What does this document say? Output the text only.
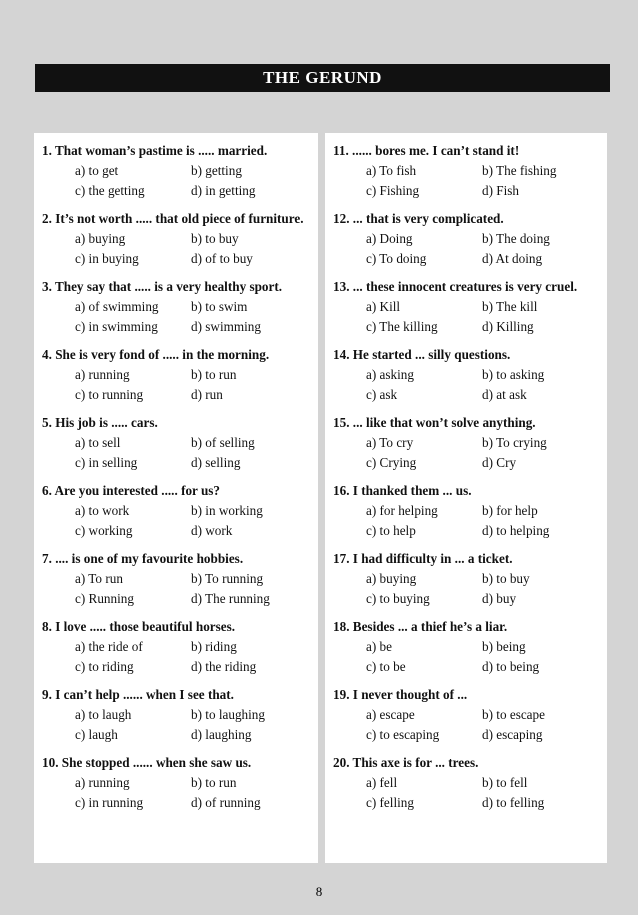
THE GERUND
1. That woman’s pastime is ..... married.
a) to get	b) getting
c) the getting	d) in getting
2. It’s not worth ..... that old piece of furniture.
a) buying	b) to buy
c) in buying	d) of to buy
3. They say that ..... is a very healthy sport.
a) of swimming	b) to swim
c) in swimming	d) swimming
4. She is very fond of ..... in the morning.
a) running	b) to run
c) to running	d) run
5. His job is ..... cars.
a) to sell	b) of selling
c) in selling	d) selling
6. Are you interested ..... for us?
a) to work	b) in working
c) working	d) work
7. .... is one of my favourite hobbies.
a) To run	b) To running
c) Running	d) The running
8. I love ..... those beautiful horses.
a) the ride of	b) riding
c) to riding	d) the riding
9. I can’t help ...... when I see that.
a) to laugh	b) to laughing
c) laugh	d) laughing
10. She stopped ...... when she saw us.
a) running	b) to run
c) in running	d) of running
11. ...... bores me. I can’t stand it!
a) To fish	b) The fishing
c) Fishing	d) Fish
12. ... that is very complicated.
a) Doing	b) The doing
c) To doing	d) At doing
13. ... these innocent creatures is very cruel.
a) Kill	b) The kill
c) The killing	d) Killing
14. He started ... silly questions.
a) asking	b) to asking
c) ask	d) at ask
15. ... like that won’t solve anything.
a) To cry	b) To crying
c) Crying	d) Cry
16. I thanked them ... us.
a) for helping	b) for help
c) to help	d) to helping
17. I had difficulty in ... a ticket.
a) buying	b) to buy
c) to buying	d) buy
18. Besides ... a thief he’s a liar.
a) be	b) being
c) to be	d) to being
19. I never thought of ...
a) escape	b) to escape
c) to escaping	d) escaping
20. This axe is for ... trees.
a) fell	b) to fell
c) felling	d) to felling
8
